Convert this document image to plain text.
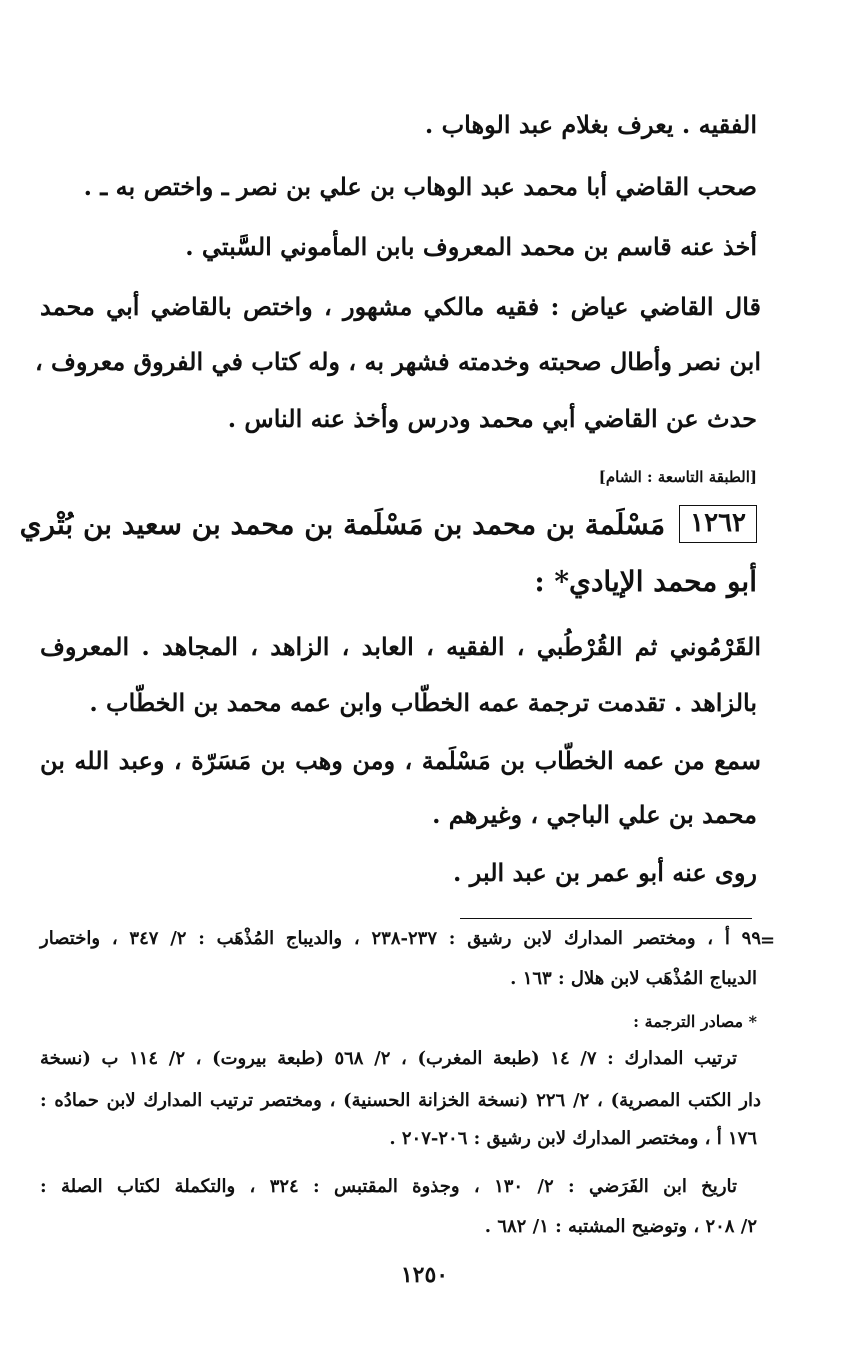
الفقيه . يعرف بغلام عبد الوهاب .
صحب القاضي أبا محمد عبد الوهاب بن علي بن نصر ـ واختص به ـ .
أخذ عنه قاسم بن محمد المعروف بابن المأموني السَّبتي .
قال القاضي عياض : فقيه مالكي مشهور ، واختص بالقاضي أبي محمد
ابن نصر وأطال صحبته وخدمته فشهر به ، وله كتاب في الفروق معروف ،
حدث عن القاضي أبي محمد ودرس وأخذ عنه الناس .
[الطبقة التاسعة : الشام]
١٢٦٢
مَسْلَمة بن محمد بن مَسْلَمة بن محمد بن سعيد بن بُتْري
أبو محمد الإيادي* :
القَرْمُوني ثم القُرْطُبي ، الفقيه ، العابد ، الزاهد ، المجاهد . المعروف
بالزاهد . تقدمت ترجمة عمه الخطّاب وابن عمه محمد بن الخطّاب .
سمع من عمه الخطّاب بن مَسْلَمة ، ومن وهب بن مَسَرّة ، وعبد الله بن
محمد بن علي الباجي ، وغيرهم .
روى عنه أبو عمر بن عبد البر .
=
٩٩ أ ، ومختصر المدارك لابن رشيق : ٢٣٧-٢٣٨ ، والديباج المُذْهَب : ٢/ ٣٤٧ ، واختصار
الديباج المُذْهَب لابن هلال : ١٦٣ .
* مصادر الترجمة :
ترتيب المدارك : ٧/ ١٤ (طبعة المغرب) ، ٢/ ٥٦٨ (طبعة بيروت) ، ٢/ ١١٤ ب (نسخة
دار الكتب المصرية) ، ٢/ ٢٢٦ (نسخة الخزانة الحسنية) ، ومختصر ترتيب المدارك لابن حمادُه :
١٧٦ أ ، ومختصر المدارك لابن رشيق : ٢٠٦-٢٠٧ .
تاريخ ابن الفَرَضي : ٢/ ١٣٠ ، وجذوة المقتبس : ٣٢٤ ، والتكملة لكتاب الصلة :
٢/ ٢٠٨ ، وتوضيح المشتبه : ١/ ٦٨٢ .
١٢٥٠
